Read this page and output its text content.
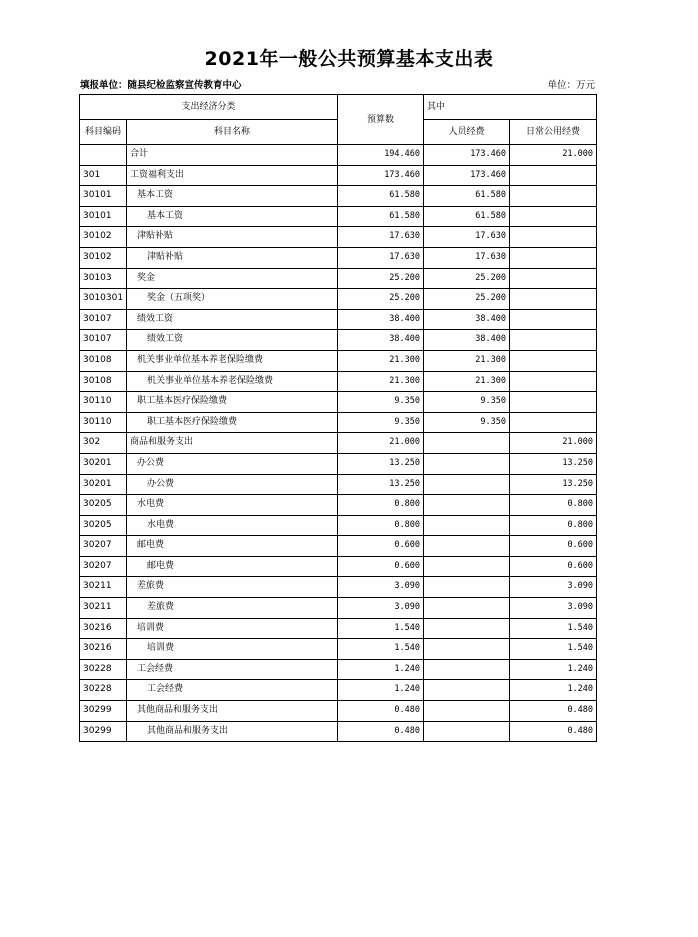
2021年一般公共预算基本支出表
填报单位：随县纪检监察宣传教育中心	单位：万元
支出经济分类		预算数	其中	
科目编码	科目名称		人员经费	日常公用经费
	合计	194.460	173.460	21.000
301	工资福利支出	173.460	173.460	
30101	基本工资	61.580	61.580	
30101	基本工资	61.580	61.580	
30102	津贴补贴	17.630	17.630	
30102	津贴补贴	17.630	17.630	
30103	奖金	25.200	25.200	
3010301	奖金（五项奖）	25.200	25.200	
30107	绩效工资	38.400	38.400	
30107	绩效工资	38.400	38.400	
30108	机关事业单位基本养老保险缴费	21.300	21.300	
30108	机关事业单位基本养老保险缴费	21.300	21.300	
30110	职工基本医疗保险缴费	9.350	9.350	
30110	职工基本医疗保险缴费	9.350	9.350	
302	商品和服务支出	21.000		21.000
30201	办公费	13.250		13.250
30201	办公费	13.250		13.250
30205	水电费	0.800		0.800
30205	水电费	0.800		0.800
30207	邮电费	0.600		0.600
30207	邮电费	0.600		0.600
30211	差旅费	3.090		3.090
30211	差旅费	3.090		3.090
30216	培训费	1.540		1.540
30216	培训费	1.540		1.540
30228	工会经费	1.240		1.240
30228	工会经费	1.240		1.240
30299	其他商品和服务支出	0.480		0.480
30299	其他商品和服务支出	0.480		0.480
